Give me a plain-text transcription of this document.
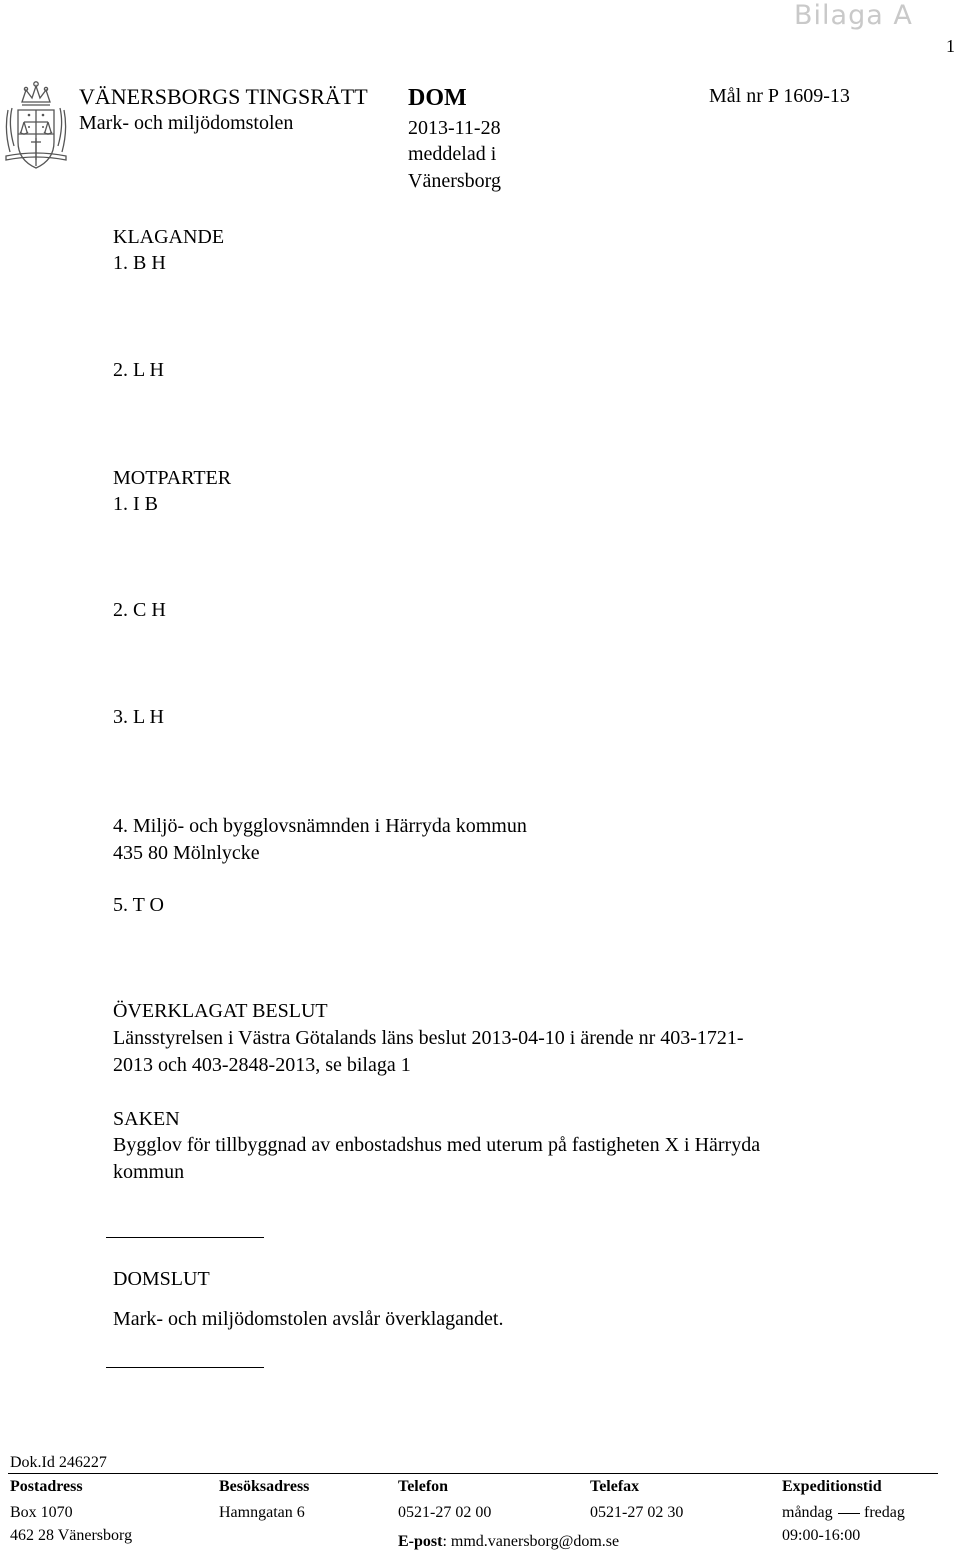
Bilaga A
1
VÄNERSBORGS TINGSRÄTT
Mark- och miljödomstolen
DOM
2013-11-28
meddelad i
Vänersborg
Mål nr P 1609-13
KLAGANDE
1. B H
2. L H
MOTPARTER
1. I B
2. C H
3. L H
4. Miljö- och bygglovsnämnden i Härryda kommun
435 80 Mölnlycke
5. T O
ÖVERKLAGAT BESLUT
Länsstyrelsen i Västra Götalands läns beslut 2013-04-10 i ärende nr 403-1721-
2013 och 403-2848-2013, se bilaga 1
SAKEN
Bygglov för tillbyggnad av enbostadshus med uterum på fastigheten X i Härryda
kommun
DOMSLUT
Mark- och miljödomstolen avslår överklagandet.
Dok.Id 246227
Postadress
Box 1070
462 28 Vänersborg
Besöksadress
Hamngatan 6
Telefon
0521-27 02 00
E-post: mmd.vanersborg@dom.se
Telefax
0521-27 02 30
Expeditionstid
måndag fredag
09:00-16:00
